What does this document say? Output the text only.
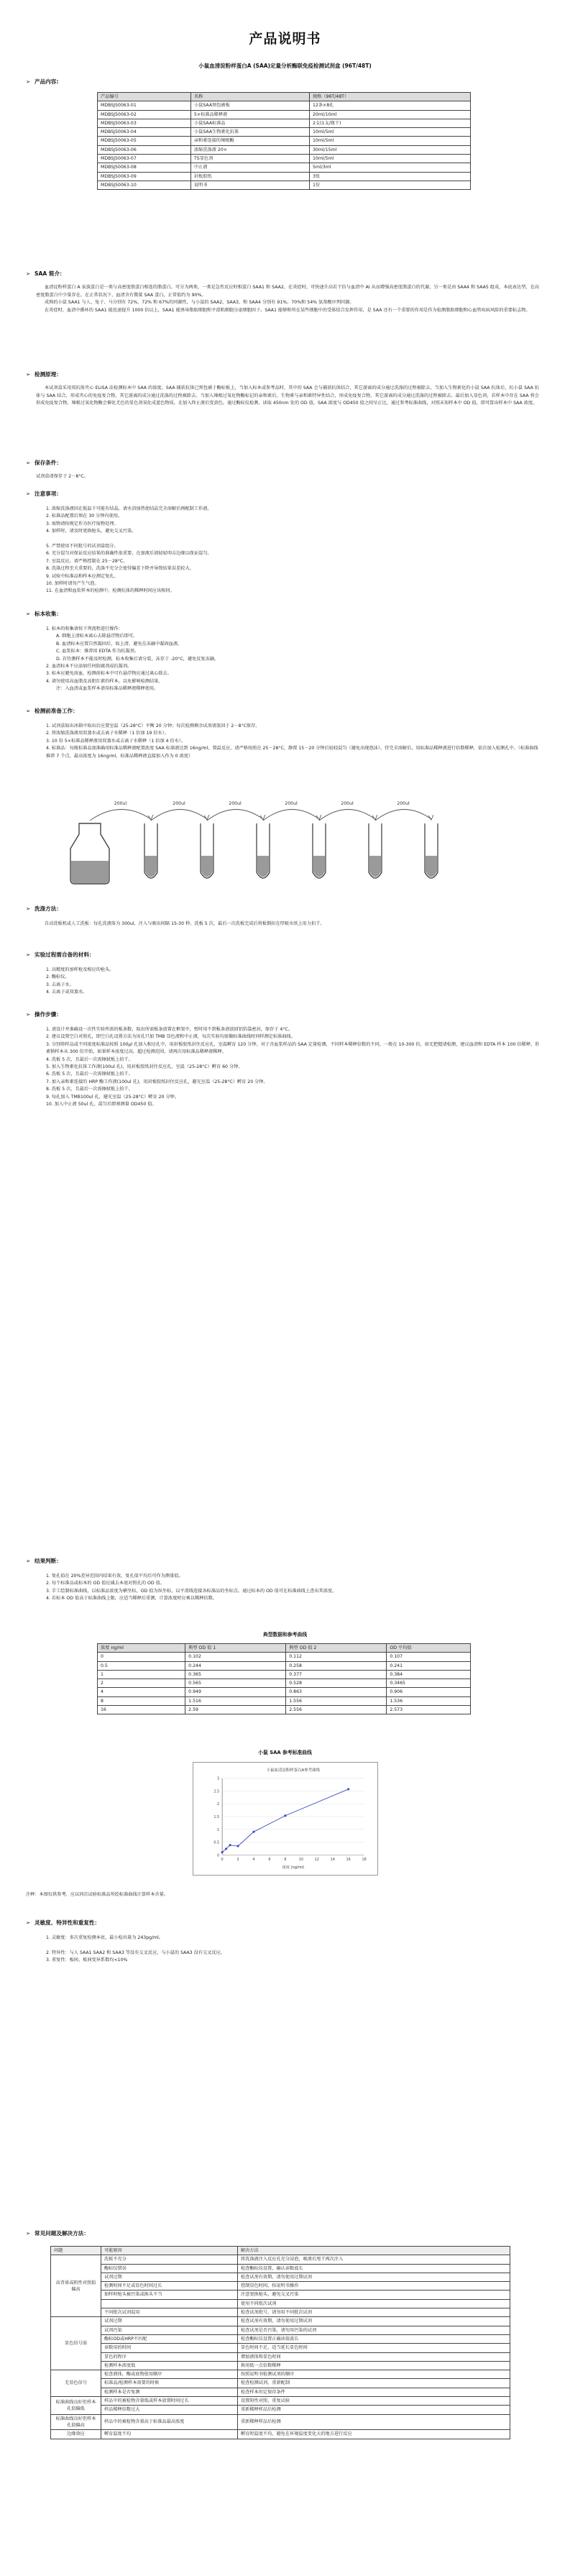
产品说明书
小鼠血清淀粉样蛋白A (SAA)定量分析酶联免疫检测试剂盒 (96T/48T)
➢ 产品内容:
产品编号	名称	规格（96T/48T）
MDBSJ50063-01	小鼠SAA预包被板	12条×8孔
MDBSJ50063-02	5×标准品稀释液	20ml/10ml
MDBSJ50063-03	小鼠SAA标准品	2支(1支/瓶干)
MDBSJ50063-04	小鼠SAA生物素化抗体	10ml/5ml
MDBSJ50063-05	亲和素连接的辣根酶	10ml/5ml
MDBSJ50063-06	浓缩洗涤液 20×	30ml/15ml
MDBSJ50063-07	TS显色剂	10ml/5ml
MDBSJ50063-08	中止液	5ml/3ml
MDBSJ50063-09	封板胶纸	3张
MDBSJ50063-10	说明书	1份
➢ SAA 简介：
血清淀粉样蛋白 A 家族蛋白是一类与高密度脂蛋白相连的脂蛋白。可分为两类，一类是急性反应时相蛋白 SAA1 和 SAA2，在炎症时，可快速升高若干倍与血清中 AI 从而增强高密度脂蛋白的代谢，另一类是由 SAA4 和 SAA5 组成，本底表达型，在高密度脂蛋白中少量存在。在正常状况下，血清含有微量 SAA 蛋白，正常值约为 90%。
成熟的小鼠 SAA1 与人、兔子、马分别有 72%、72% 和 67%的同源性，与小鼠的 SAA2、SAA3、和 SAA4 分别有 91%、70%和 54% 氨基酸序列同源。
在炎症时，血清中循环的 SAA1 能迅速提升 1000 倍以上，SAA1 能诱导脂肪细胞和平滑肌细胞分泌细胞因子。SAA1 能够和所在某些细胞中的受体结合发挥作用，是 SAA 还有一个重要的作用是作为检测脂肪细胞和心血管疾病风险的重要标志物。
➢ 检测原理：
本试剂盒采用双抗体夹心 ELISA 法检测标本中 SAA 的浓度。SAA 捕获抗体已预包被于酶标板上，当加入标本或参考品时，其中的 SAA 会与捕获抗体结合，其它游离的成分通过洗涤的过程被除去。当加入生物素化的小鼠 SAA 抗体后，抗小鼠 SAA 抗体与 SAA 结合，形成夹心的免疫复合物，其它游离的成分通过洗涤的过程被除去。当加入辣根过氧化物酶标记的亲和素后，生物素与亲和素特异性结合，形成免疫复合物，其它游离的成分通过洗涤的过程被除去。最后加入显色剂，若样本中存在 SAA 将会形成免疫复合物，辣根过氧化物酶会催化无色的显色剂氧化成蓝色物质，在加入终止液后变黄色。通过酶标仪检测，读取 450nm 处的 OD 值，SAA 浓度与 OD450 值之间呈正比，通过参考标准曲线，对照未知样本中 OD 值，即可算出样本中 SAA 浓度。
➢ 保存条件：
试剂盒请保存于 2－8°C。
➢ 注意事项：
1. 浓缩洗涤液因在低温下可能有结晶，请水浴加热使结晶完全溶解后再配制工作液。
2. 标准品配置后须在 30 分钟内使用。
3. 废物请按规定作为医疗废物处理。
4. 加样时，请及时更换枪头，避免交叉污染。

5. 严禁使用不同批号的试剂盒组分。
6. 充分混匀对保证反应结果的准确性很重要，在加液后请轻轻叩击边缘以保证混匀。
7. 室温反应，请严格控制在 25－28°C。
8. 洗涤过程至关重要的，洗涤不充分会使得偏差下降并导致结果误差较大。
9. 试验中标准品和样本应测定复孔。
10. 加样时请勿产生气泡。
11. 在血清和血浆样本的检测中，检测抗体的稀释时间应该相同。
➢ 标本收集：
1. 标本的收集请按下列流程进行操作：
A. 细胞上清标本离心去除悬浮物后即可。
B. 血清标本应置自然凝固后，取上清，避免在冻融中凝固血液。
C. 血浆标本：推荐用 EDTA 作为抗凝剂。
D. 若待测样本不能及时检测，标本收集后请分装，冻存于 -20°C，避免反复冻融。
2. 血清标本不应添加任何防腐剂或抗凝剂。
3. 标本应避免溶血、检测前标本中可有悬浮物应通过离心除去。
4. 请勿使用高血脂及高胆红素的样本，以免影响检测结果。
注：入血清或血浆样本请用标准品稀释液稀释使用。
➢ 检测前准备工作：
1. 试剂盒取出冰箱中取出后应置室温（25-28°C）平衡 20 分钟；每次检测剩余试剂请放回于 2－8°C保存。
2. 将浓缩洗涤液用双蒸水或去离子水稀释（1 倍加 19 倍水）。
3. 10 倍 5×标准品稀释液用双蒸水或去离子水稀释（1 倍加 4 倍水）。
4. 标准品：每瓶标准品加准确用标准品稀释液配置浓度 SAA 标准液达到 16ng/ml，置温反应，请严格按照在 25－28°C，静置 15－20 分钟后轻轻混匀（避免出现泡沫）。待完全溶解后，用标准品稀释液进行倍数稀释，依次加入检测孔中。（标准曲线推荐 7 个点，最高浓度为 16ng/ml，标准品稀释液直接加入作为 0 浓度）
200ul	200ul	200ul	200ul	200ul	200ul
➢ 洗涤方法：
自动洗板机或人工洗板：每孔洗液体为 300ul，注入与吸出间隔 15-30 秒。洗板 5 次，最后一次洗板完成后将板倒扣在厚吸水纸上用力拍干。
➢ 实验过程需自备的材料：
1. 高精度的加样枪及相应的枪头。
2. 酶标仪。
3. 去离子水。
4. 去离子或双蒸水。
➢ 操作步骤：
1. 请设计并准确设一次性实验所需的板条数，取出所需板条放置在框架中，暂时用不到板条请放回铝箔袋密封，保存于 4°C。
2. 建议设置空白对照孔，即空白孔设置方法为该孔只加 TMB 显色液和中止液，每次实验均需做标准曲线时同样测定标准曲线。
3. 分别将样品或不同浓度标准品按照 100μl 孔加入相应孔中，用封板胶纸封住反应孔，室温孵育 120 分钟。对于含血浆样品的 SAA 定量检测，不同样本稀释倍数的不同，一般在 10-300 倍，如无把握请检测，建议血清和 EDTA 样本 100 倍稀释，肝素钠样本从 300 倍开始，如果样本浓度过高，超过检测范围，请再次用标准品稀释液稀释。
4. 洗板 5 次，且最后一次需擦拭板上拍干。
5. 加入生物素化抗体工作液(100ul 孔)，用封板胶纸封住反应孔，室温（25-28°C）孵育 60 分钟。
6. 洗板 5 次，且最后一次需擦拭板上拍干。
7. 加入亲和素连接的 HRP 酶工作液(100ul 孔)，用封板胶纸封住反应孔，避光室温（25-28°C）孵育 20 分钟。
8. 洗板 5 次，且最后一次需擦拭板上拍干。
9. 每孔加入 TMB100ul 孔，避光室温（25-28°C）孵育 20 分钟。
10. 加入中止液 50ul 孔，混匀后即刻测量 OD450 值。
➢ 结果判断：
1. 复孔值在 20%差异范围内结果有效，复孔值平均后可作为测量值。
2. 每个标准品或标本的 OD 值应减去本底对照孔的 OD 值。
3. 手工绘制标准曲线，以标准品浓度为横坐标，OD 值为纵坐标，以平滑线连接各标准品的坐标点。通过标本的 OD 值可在标准曲线上查出其浓度。
4. 若标本 OD 值高于标准曲线上限，应适当稀释后重测，计算浓度时应乘以稀释倍数。
典型数据和参考曲线
浓度 ng/ml	典型 OD 值 1	典型 OD 值 2	OD 平均值
0	0.102	0.112	0.107
0.5	0.244	0.258	0.241
1	0.365	0.377	0.384
2	0.565	0.528	0.3465
4	0.949	0.863	0.906
8	1.516	1.556	1.536
16	2.59	2.556	2.573
小鼠 SAA 参考标准曲线
小鼠血清淀粉样蛋白A参考曲线
0
0.5
1
1.5
2
2.5
3
0	2	4	6	8	10	12	14	16	18
浓度 (ng/ml)
注释：本图仅供参考，应以同次试验标准品所绘标准曲线计算样本含量。
➢ 灵敏度、特异性和重复性：
1. 灵敏度：多次重复检测本底，最小检出量为 243pg/ml。

2. 特异性：与人 SAA1 SAA2 和 SAA3 等没有交叉反应，与小鼠的 SAA3 没有交叉反应。
3. 重复性：板间、板间变异系数均<10%
➢ 常见问题及解决方法：
问题	可能原因	解决方法
高背景或阴性对照值偏高	洗板不充分	将洗涤液注入反应孔充分浸泡，吸液后甩干再次注入
	酶标仪错误	检查酶标仪设置，确认读数波长
	试剂过期	检查试剂有效期，请勿使用过期试剂
	检测时间不足或显色时间过长	控制显色时间，按说明书操作
	加样时枪头被污染或换头不当	注意更换枪头，避免交叉污染
		使用不同批次试剂
	不同批次试剂混用	检查试剂批号，请勿用不同批次试剂
显色信号弱	试剂过期	检查试剂有效期，请勿使用过期试剂
	试剂污染	检查试剂是否污染，请勿用污染的试剂
	酶标OD或HRP不匹配	检查酶标仪设置正确读值波长
	读数用的时间	显色时间不足，适当延长显色时间
	显色的程序	增加液体和显色时间
	检测样本浓度低	换用低一点倍数稀释
无显色信号	检查液体，酶或底物使用顺序	按照说明书检测试剂的顺序
	标准品/检测样本需要的时候	检查检测试剂，重新配制
	检测样本是否复测	检查样本的定保存条件
标准曲线良好但样本孔值偏低	样品中的被检物含量低或样本放置时间过长	设置阳性对照，重复试验
	样品稀释倍数过大	重新稀释样品后检测
标准曲线良好但样本孔值偏高	样品中的被检物含量高于标准品最高浓度	重新稀释样品后检测
边缘效应	孵育温度不均	孵育时温度不均，避免在环境温度变化大的地方进行反应
